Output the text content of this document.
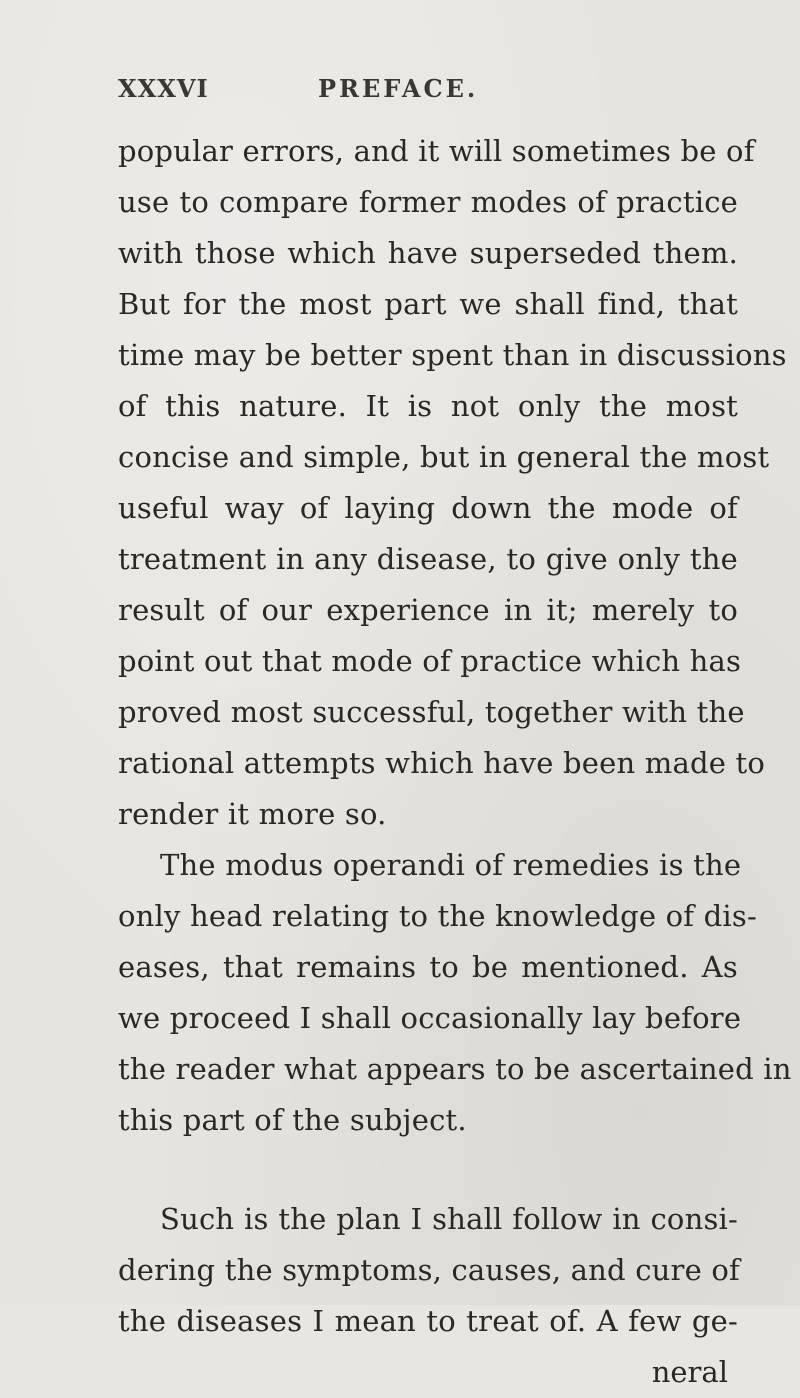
XXXVI	PREFACE.
popular errors, and it will sometimes be of
use to compare former modes of practice
with those which have superseded them.
But for the most part we shall find, that
time may be better spent than in discussions
of this nature. It is not only the most
concise and simple, but in general the most
useful way of laying down the mode of
treatment in any disease, to give only the
result of our experience in it; merely to
point out that mode of practice which has
proved most successful, together with the
rational attempts which have been made to
render it more so.
The modus operandi of remedies is the
only head relating to the knowledge of dis-
eases, that remains to be mentioned. As
we proceed I shall occasionally lay before
the reader what appears to be ascertained in
this part of the subject.
Such is the plan I shall follow in consi-
dering the symptoms, causes, and cure of
the diseases I mean to treat of. A few ge-
neral
